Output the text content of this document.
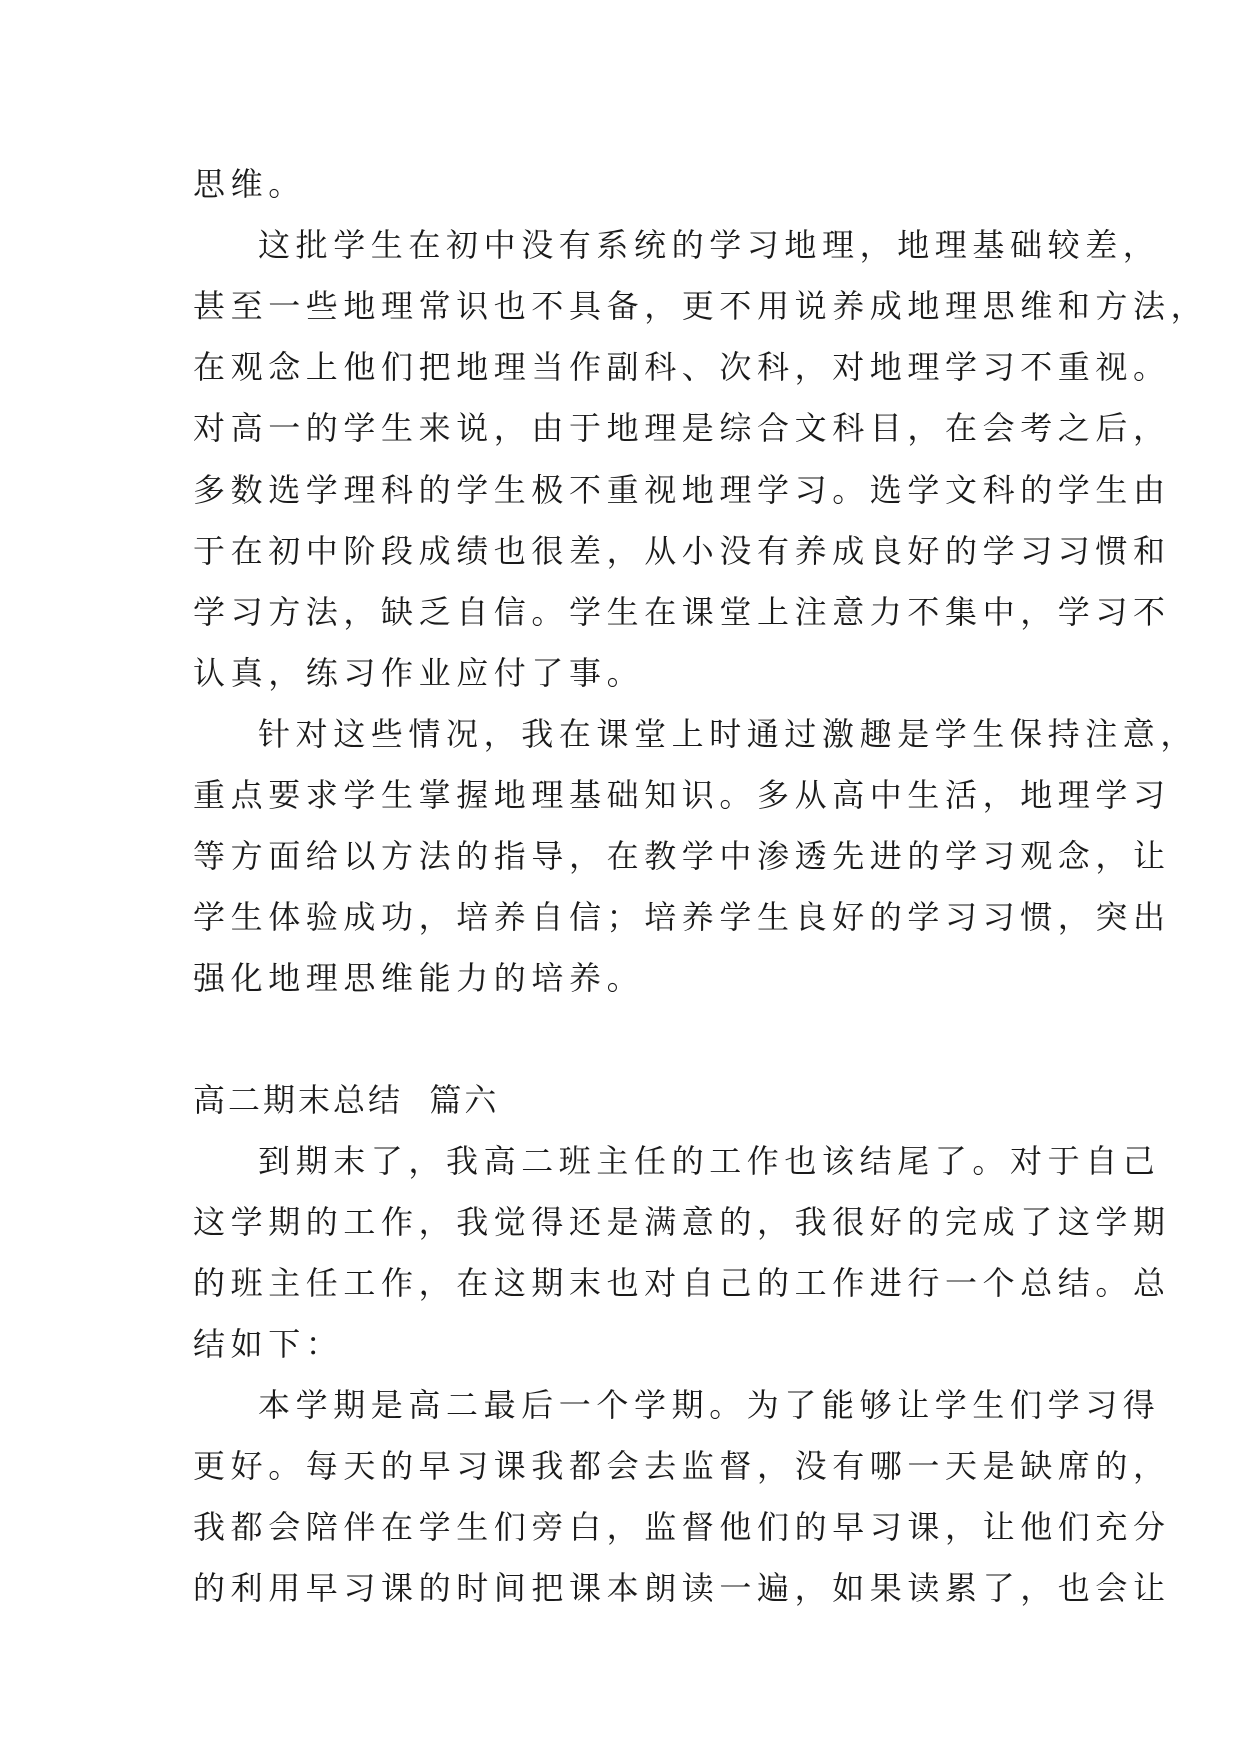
思维。
这批学生在初中没有系统的学习地理，地理基础较差，
甚至一些地理常识也不具备，更不用说养成地理思维和方法，
在观念上他们把地理当作副科、次科，对地理学习不重视。
对高一的学生来说，由于地理是综合文科目，在会考之后，
多数选学理科的学生极不重视地理学习。选学文科的学生由
于在初中阶段成绩也很差，从小没有养成良好的学习习惯和
学习方法，缺乏自信。学生在课堂上注意力不集中，学习不
认真，练习作业应付了事。
针对这些情况，我在课堂上时通过激趣是学生保持注意，
重点要求学生掌握地理基础知识。多从高中生活，地理学习
等方面给以方法的指导，在教学中渗透先进的学习观念，让
学生体验成功，培养自信；培养学生良好的学习习惯，突出
强化地理思维能力的培养。
高二期末总结  篇六
到期末了，我高二班主任的工作也该结尾了。对于自己
这学期的工作，我觉得还是满意的，我很好的完成了这学期
的班主任工作，在这期末也对自己的工作进行一个总结。总
结如下：
本学期是高二最后一个学期。为了能够让学生们学习得
更好。每天的早习课我都会去监督，没有哪一天是缺席的，
我都会陪伴在学生们旁白，监督他们的早习课，让他们充分
的利用早习课的时间把课本朗读一遍，如果读累了，也会让
